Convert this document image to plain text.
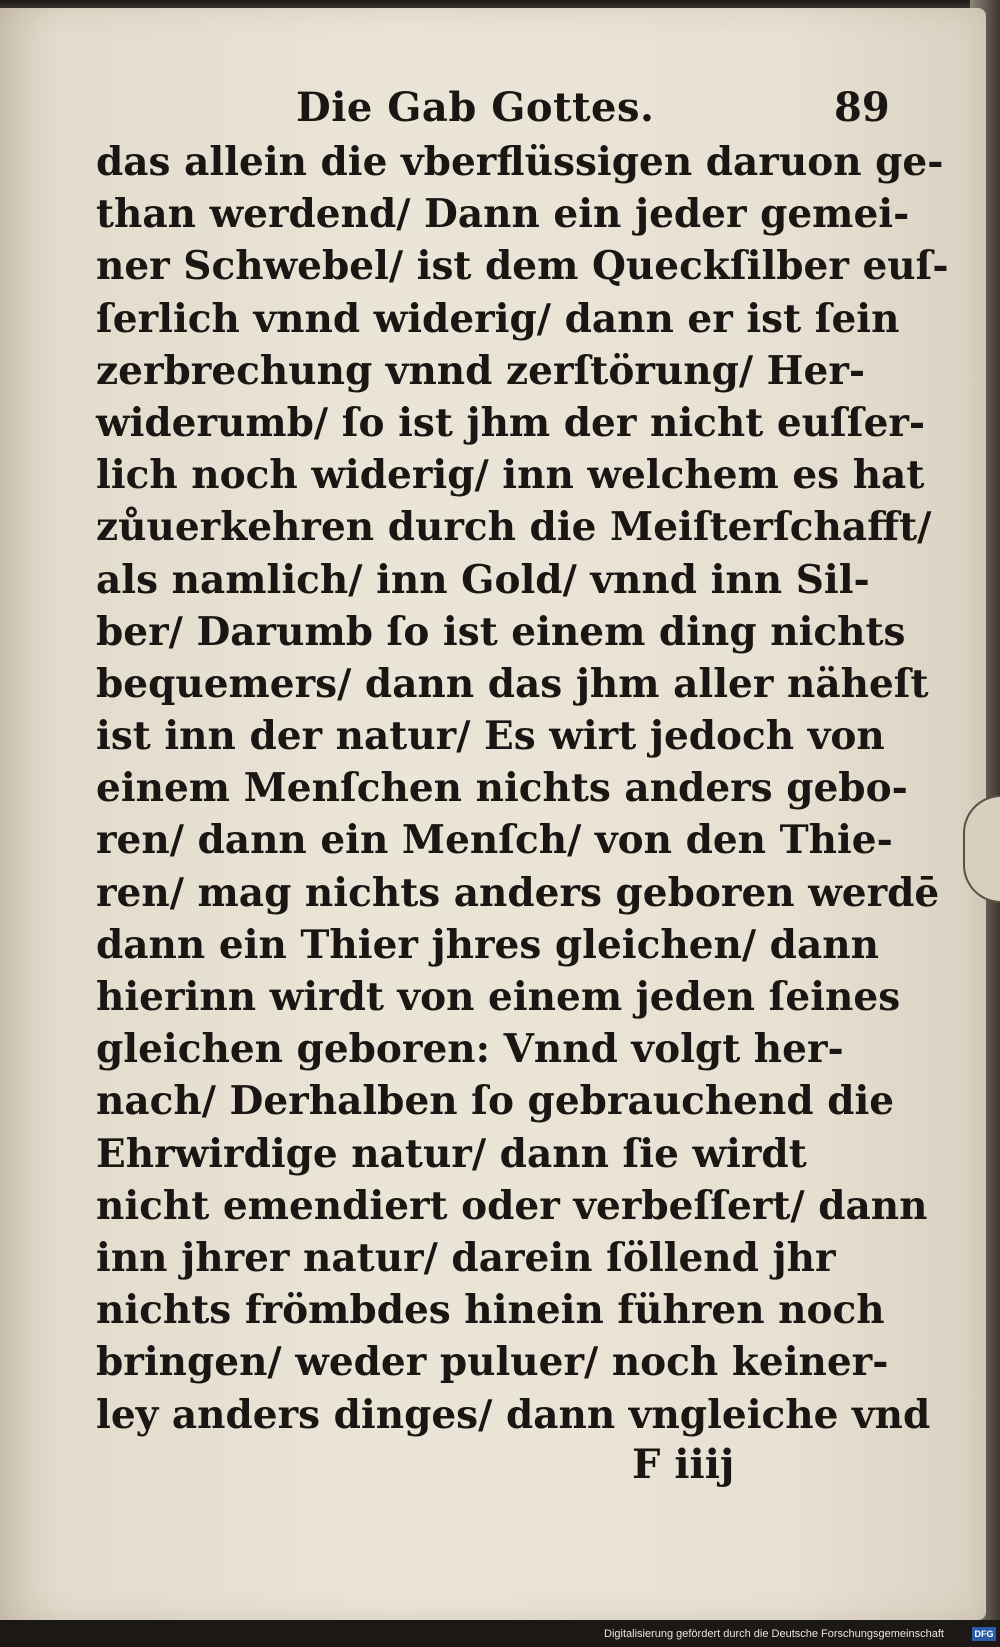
Die Gab Gottes.	89
das allein die vberflüssigen daruon ge-
than werdend/ Dann ein jeder gemei-
ner Schwebel/ ist dem Queckſilber euſ-
ſerlich vnnd widerig/ dann er ist ſein
zerbrechung vnnd zerſtörung/ Her-
widerumb/ ſo ist jhm der nicht euſſer-
lich noch widerig/ inn welchem es hat
zůuerkehren durch die Meiſterſchafft/
als namlich/ inn Gold/ vnnd inn Sil-
ber/ Darumb ſo ist einem ding nichts
bequemers/ dann das jhm aller näheſt
ist inn der natur/ Es wirt jedoch von
einem Menſchen nichts anders gebo-
ren/ dann ein Menſch/ von den Thie-
ren/ mag nichts anders geboren werdē
dann ein Thier jhres gleichen/ dann
hierinn wirdt von einem jeden ſeines
gleichen geboren: Vnnd volgt her-
nach/ Derhalben ſo gebrauchend die
Ehrwirdige natur/ dann ſie wirdt
nicht emendiert oder verbeſſert/ dann
inn jhrer natur/ darein ſöllend jhr
nichts frömbdes hinein führen noch
bringen/ weder puluer/ noch keiner-
ley anders dinges/ dann vngleiche vnd
F iiij
Digitalisierung gefördert durch die Deutsche Forschungsgemeinschaft	DFG
